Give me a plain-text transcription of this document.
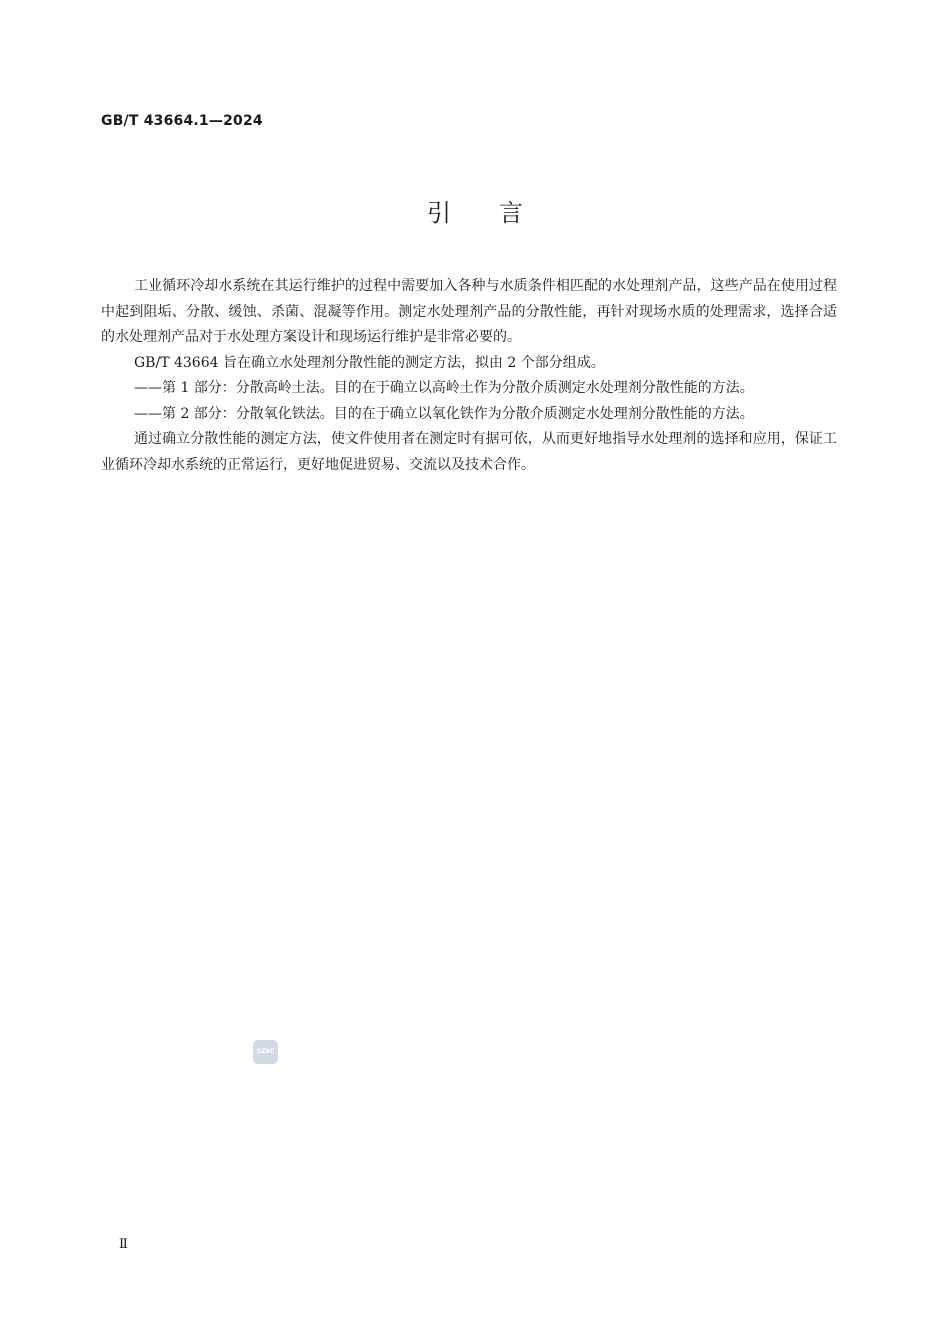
GB/T 43664.1—2024
引言

工业循环冷却水系统在其运行维护的过程中需要加入各种与水质条件相匹配的水处理剂产品，这些产品在使用过程中起到阻垢、分散、缓蚀、杀菌、混凝等作用。测定水处理剂产品的分散性能，再针对现场水质的处理需求，选择合适的水处理剂产品对于水处理方案设计和现场运行维护是非常必要的。

GB/T 43664 旨在确立水处理剂分散性能的测定方法，拟由 2 个部分组成。

——第 1 部分：分散高岭土法。目的在于确立以高岭土作为分散介质测定水处理剂分散性能的方法。

——第 2 部分：分散氧化铁法。目的在于确立以氧化铁作为分散介质测定水处理剂分散性能的方法。

通过确立分散性能的测定方法，使文件使用者在测定时有据可依，从而更好地指导水处理剂的选择和应用，保证工业循环冷却水系统的正常运行，更好地促进贸易、交流以及技术合作。

SZXC
Ⅱ
